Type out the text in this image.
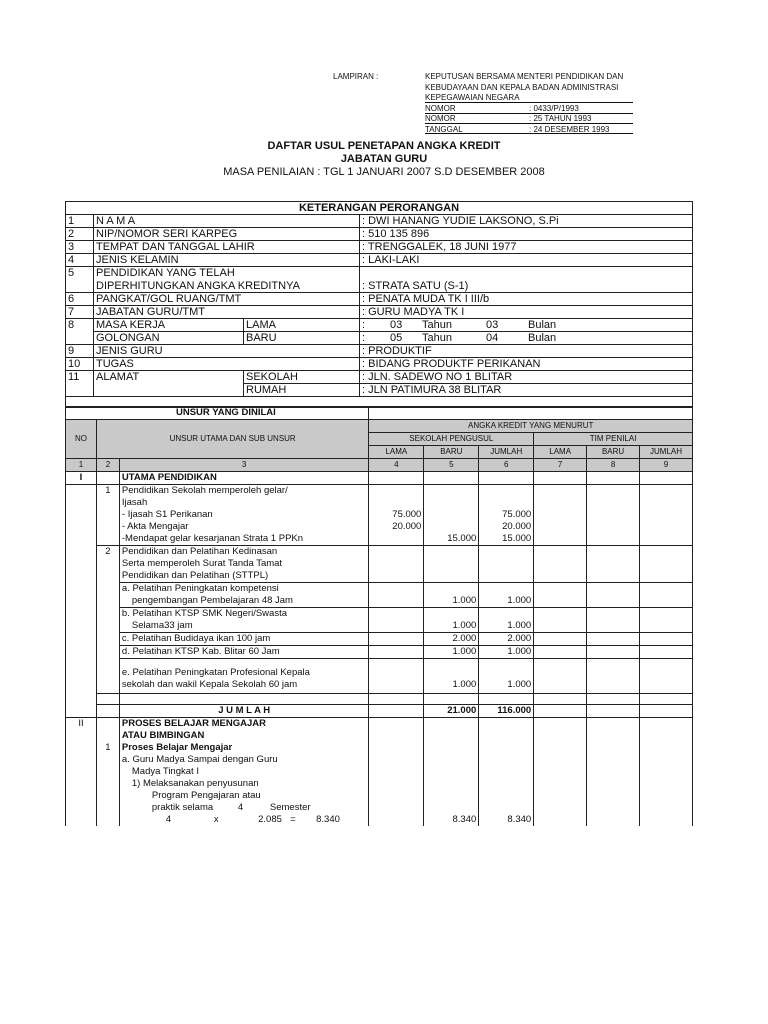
LAMPIRAN :	KEPUTUSAN BERSAMA MENTERI PENDIDIKAN DAN
KEBUDAYAAN DAN KEPALA BADAN ADMINISTRASI
KEPEGAWAIAN NEGARA
NOMOR	: 0433/P/1993
NOMOR	: 25 TAHUN 1993
TANGGAL	: 24 DESEMBER 1993
DAFTAR USUL PENETAPAN ANGKA KREDIT
JABATAN GURU
MASA PENILAIAN : TGL 1 JANUARI 2007 S.D DESEMBER 2008
KETERANGAN PERORANGAN			
1	N A M A		: DWI HANANG YUDIE LAKSONO, S.Pi
2	NIP/NOMOR SERI KARPEG		: 510 135 896
3	TEMPAT DAN TANGGAL LAHIR		: TRENGGALEK, 18 JUNI 1977
4	JENIS KELAMIN		: LAKI-LAKI
5	PENDIDIKAN YANG TELAH		
	DIPERHITUNGKAN ANGKA KREDITNYA		: STRATA SATU (S-1)
6	PANGKAT/GOL RUANG/TMT		: PENATA MUDA TK I III/b
7	JABATAN GURU/TMT		: GURU MADYA TK I
8	MASA KERJA	LAMA	: 03 Tahun 03 Bulan
	GOLONGAN	BARU	: 05 Tahun 04 Bulan
9	JENIS GURU		: PRODUKTIF
10	TUGAS		: BIDANG PRODUKTF PERIKANAN
11	ALAMAT	SEKOLAH	: JLN. SADEWO NO 1 BLITAR
		RUMAH	: JLN PATIMURA 38 BLITAR

UNSUR YANG DINILAI								
NO	UNSUR UTAMA DAN SUB UNSUR		ANGKA KREDIT YANG MENURUT					
			SEKOLAH PENGUSUL			TIM PENILAI		
			LAMA	BARU	JUMLAH	LAMA	BARU	JUMLAH
1	2	3	4	5	6	7	8	9
I		UTAMA PENDIDIKAN						
	1	Pendidikan Sekolah memperoleh gelar/
Ijasah						

		- Ijasah S1 Perikanan	75.000		75.000			
		- Akta Mengajar	20.000		20.000			
		-Mendapat gelar kesarjanan Strata 1 PPKn		15.000	15.000			
	2	Pendidikan dan Pelatihan Kedinasan
Serta memperoleh Surat Tanda Tamat
Pendidikan dan Pelatihan (STTPL)						

		a. Pelatihan Peningkatan kompetensi
pengembangan Pembelajaran 48 Jam		1.000	1.000			

		b. Pelatihan KTSP SMK Negeri/Swasta
Selama33 jam		1.000	1.000			
		c. Pelatihan Budidaya ikan 100 jam		2.000	2.000			
		d. Pelatihan KTSP Kab. Blitar 60 Jam		1.000	1.000			

		e. Pelatihan Peningkatan Profesional Kepala
sekolah dan wakil Kepala Sekolah 60 jam		1.000	1.000			

		J U M L A H		21.000	116.000			
II		PROSES BELAJAR MENGAJAR
ATAU BIMBINGAN						

	1	Proses Belajar Mengajar						

		a. Guru Madya Sampai dengan Guru
Madya Tingkat I
1) Melaksanakan penyusunan
Program Pengajaran atau
praktik selama 4 Semester						

		4 x 2.085 = 8.340		8.340	8.340			
